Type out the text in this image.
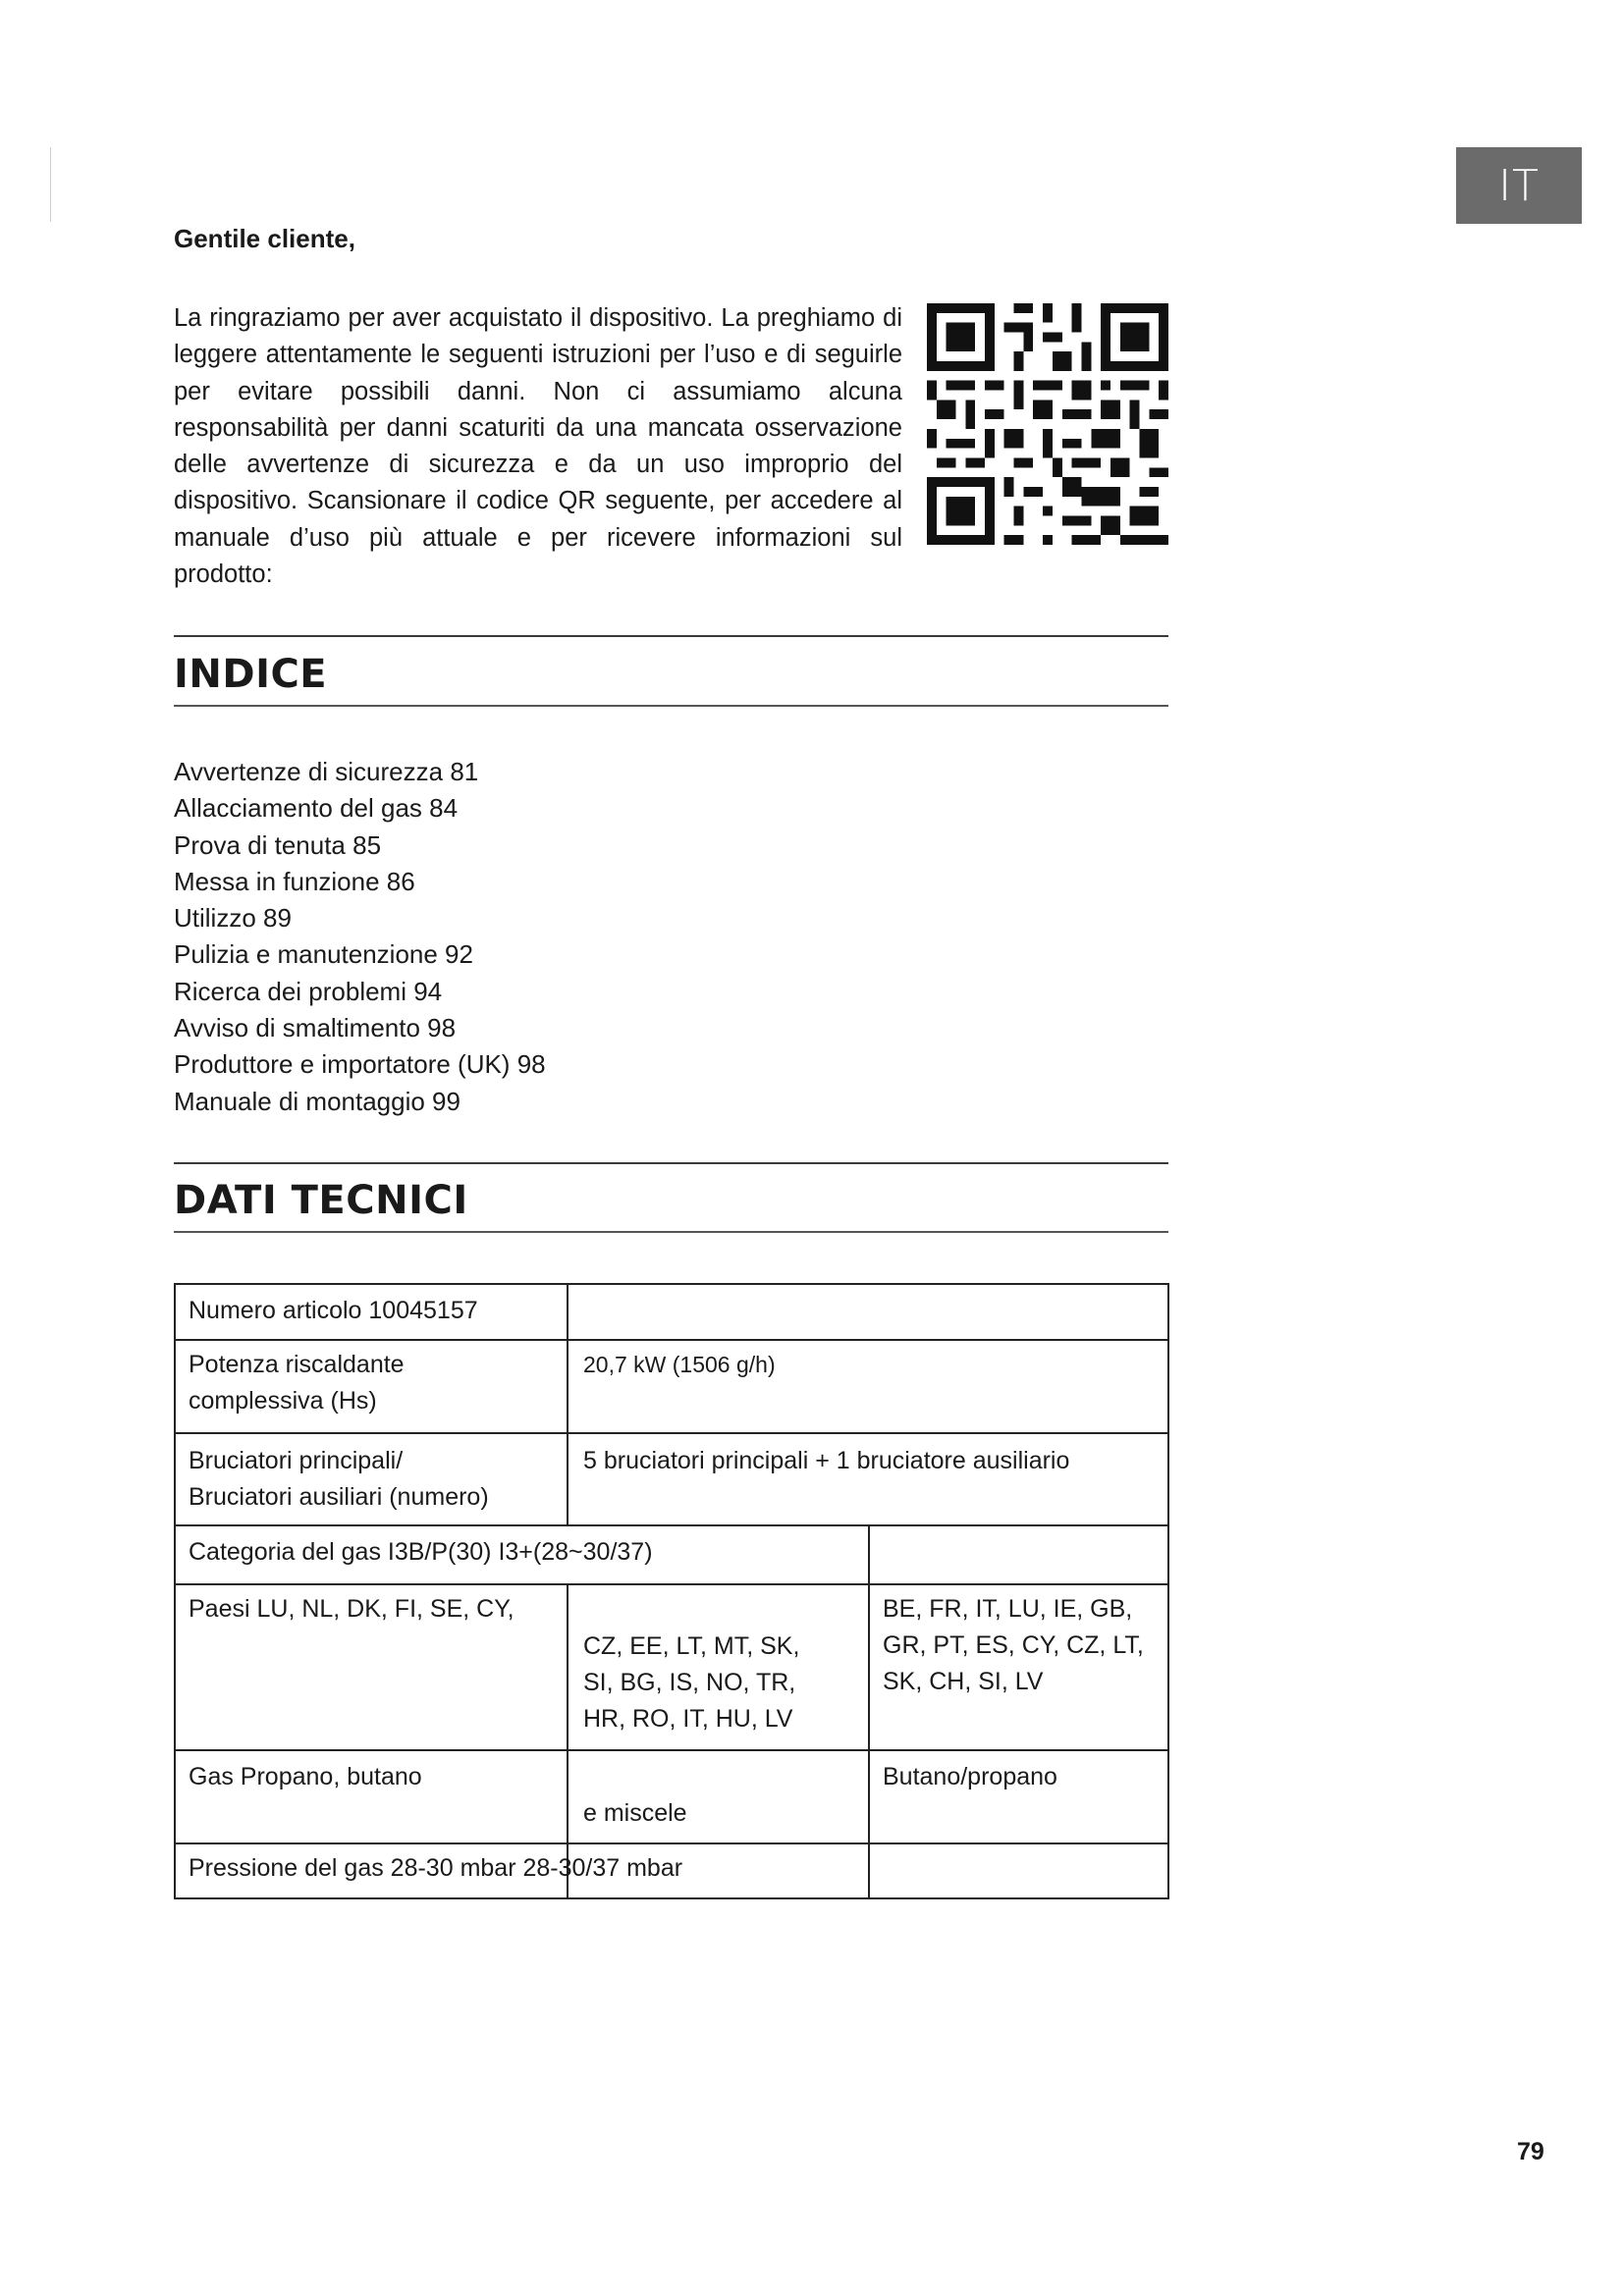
IT
Gentile cliente,
La ringraziamo per aver acquistato il dispositivo. La preghiamo di leggere attentamente le seguenti istruzioni per l’uso e di seguirle per evitare possibili danni. Non ci assumiamo alcuna responsabilità per danni scaturiti da una mancata osservazione delle avvertenze di sicurezza e da un uso improprio del dispositivo. Scansionare il codice QR seguente, per accedere al manuale d’uso più attuale e per ricevere informazioni sul prodotto:
INDICE
Avvertenze di sicurezza 81
Allacciamento del gas 84
Prova di tenuta 85
Messa in funzione 86
Utilizzo 89
Pulizia e manutenzione 92
Ricerca dei problemi 94
Avviso di smaltimento 98
Produttore e importatore (UK) 98
Manuale di montaggio 99
DATI TECNICI
Numero articolo 10045157
Potenza riscaldante
complessiva (Hs)
20,7 kW (1506 g/h)
Bruciatori principali/
Bruciatori ausiliari (numero)
5 bruciatori principali + 1 bruciatore ausiliario
Categoria del gas I3B/P(30) I3+(28~30/37)
Paesi LU, NL, DK, FI, SE, CY,
CZ, EE, LT, MT, SK,
SI, BG, IS, NO, TR,
HR, RO, IT, HU, LV
BE, FR, IT, LU, IE, GB,
GR, PT, ES, CY, CZ, LT,
SK, CH, SI, LV
Gas Propano, butano
e miscele
Butano/propano
Pressione del gas 28-30 mbar 28-30/37 mbar
79
